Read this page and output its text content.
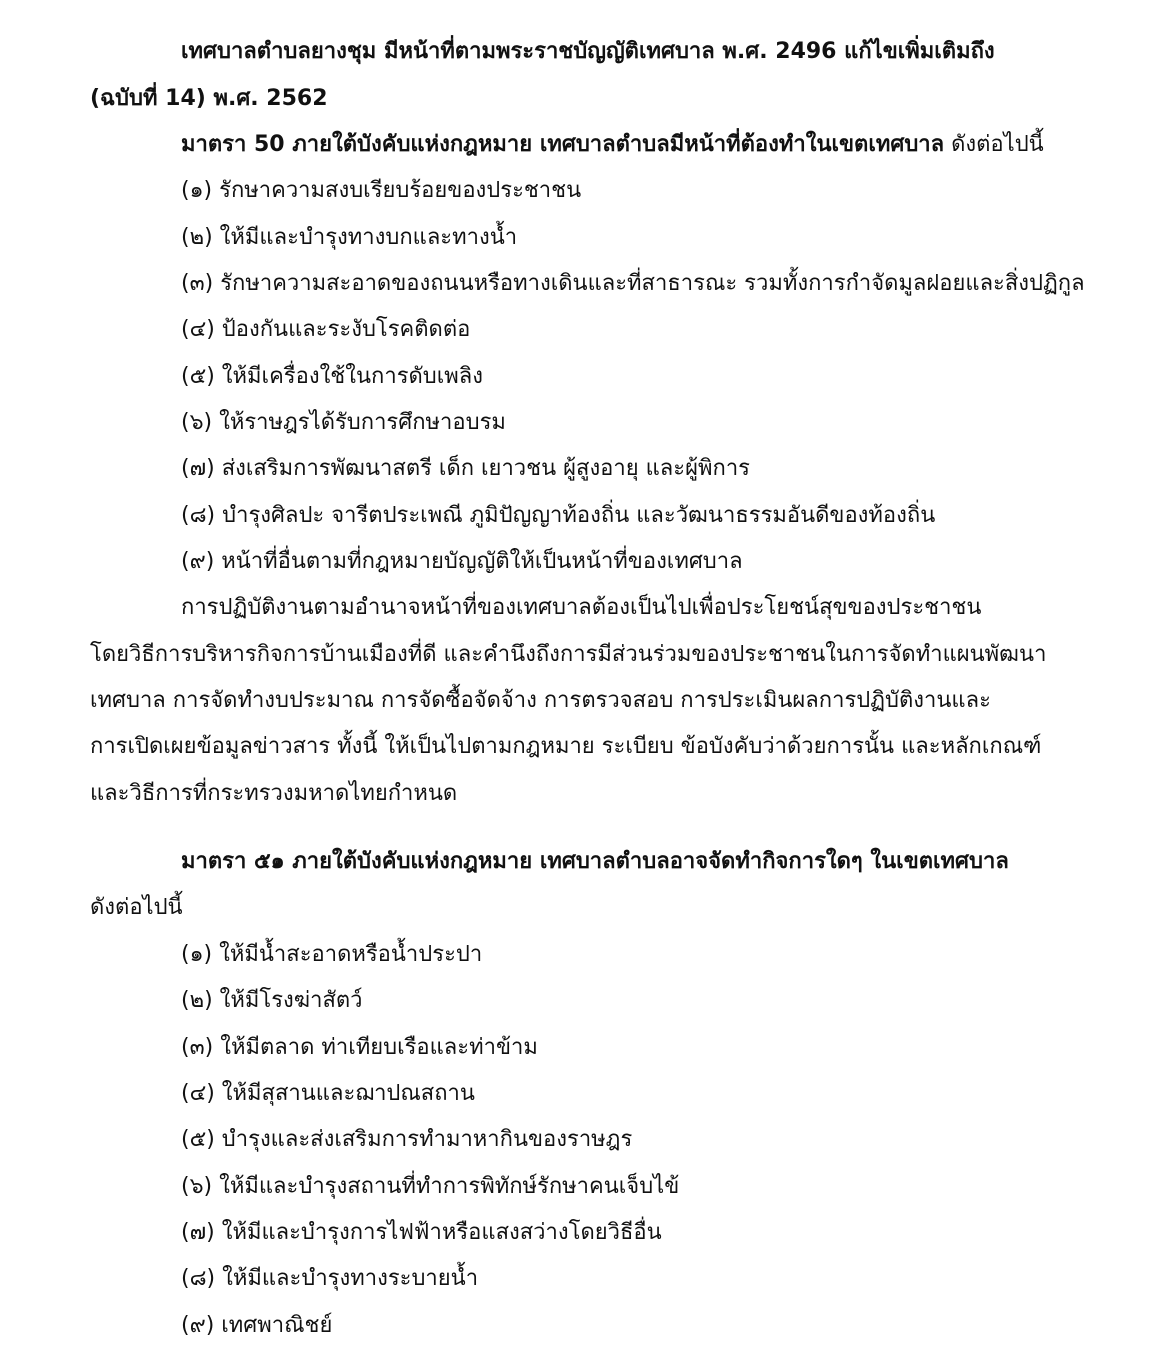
เทศบาลตำบลยางชุม มีหน้าที่ตามพระราชบัญญัติเทศบาล พ.ศ. 2496 แก้ไขเพิ่มเติมถึง
(ฉบับที่ 14) พ.ศ. 2562
มาตรา 50 ภายใต้บังคับแห่งกฎหมาย เทศบาลตำบลมีหน้าที่ต้องทำในเขตเทศบาล ดังต่อไปนี้
(๑) รักษาความสงบเรียบร้อยของประชาชน
(๒) ให้มีและบำรุงทางบกและทางน้ำ
(๓) รักษาความสะอาดของถนนหรือทางเดินและที่สาธารณะ รวมทั้งการกำจัดมูลฝอยและสิ่งปฏิกูล
(๔) ป้องกันและระงับโรคติดต่อ
(๕) ให้มีเครื่องใช้ในการดับเพลิง
(๖) ให้ราษฎรได้รับการศึกษาอบรม
(๗) ส่งเสริมการพัฒนาสตรี เด็ก เยาวชน ผู้สูงอายุ และผู้พิการ
(๘) บำรุงศิลปะ จารีตประเพณี ภูมิปัญญาท้องถิ่น และวัฒนาธรรมอันดีของท้องถิ่น
(๙) หน้าที่อื่นตามที่กฎหมายบัญญัติให้เป็นหน้าที่ของเทศบาล
การปฏิบัติงานตามอำนาจหน้าที่ของเทศบาลต้องเป็นไปเพื่อประโยชน์สุขของประชาชน
โดยวิธีการบริหารกิจการบ้านเมืองที่ดี และคำนึงถึงการมีส่วนร่วมของประชาชนในการจัดทำแผนพัฒนา
เทศบาล การจัดทำงบประมาณ การจัดซื้อจัดจ้าง การตรวจสอบ การประเมินผลการปฏิบัติงานและ
การเปิดเผยข้อมูลข่าวสาร ทั้งนี้ ให้เป็นไปตามกฎหมาย ระเบียบ ข้อบังคับว่าด้วยการนั้น และหลักเกณฑ์
และวิธีการที่กระทรวงมหาดไทยกำหนด
มาตรา ๕๑ ภายใต้บังคับแห่งกฎหมาย เทศบาลตำบลอาจจัดทำกิจการใดๆ ในเขตเทศบาล
ดังต่อไปนี้
(๑) ให้มีน้ำสะอาดหรือน้ำประปา
(๒) ให้มีโรงฆ่าสัตว์
(๓) ให้มีตลาด ท่าเทียบเรือและท่าข้าม
(๔) ให้มีสุสานและฌาปณสถาน
(๕) บำรุงและส่งเสริมการทำมาหากินของราษฎร
(๖) ให้มีและบำรุงสถานที่ทำการพิทักษ์รักษาคนเจ็บไข้
(๗) ให้มีและบำรุงการไฟฟ้าหรือแสงสว่างโดยวิธีอื่น
(๘) ให้มีและบำรุงทางระบายน้ำ
(๙) เทศพาณิชย์
